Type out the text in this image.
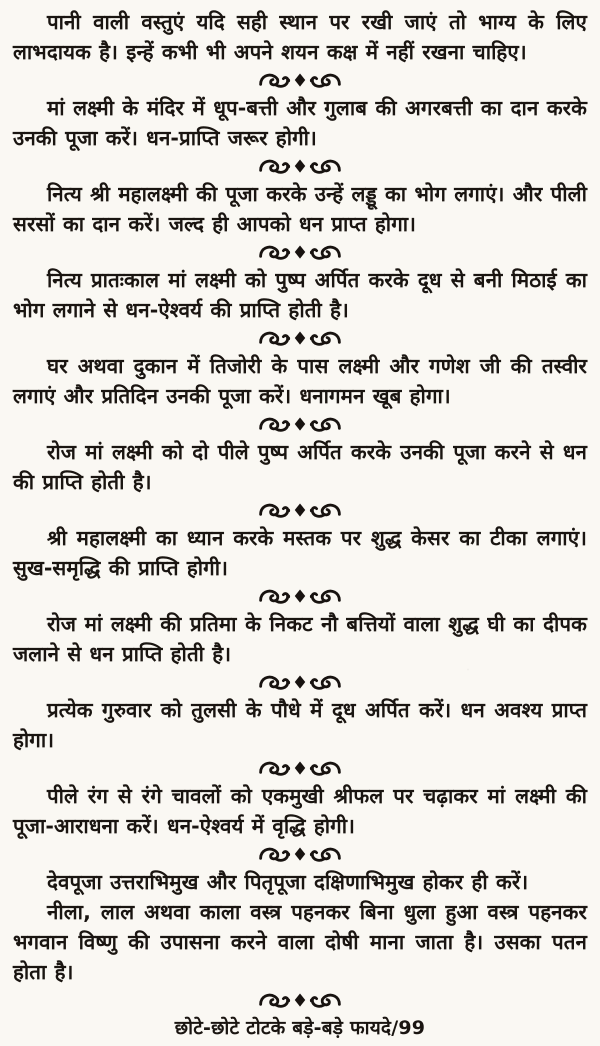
पानी वाली वस्तुएं यदि सही स्थान पर रखी जाएं तो भाग्य के लिए लाभदायक है। इन्हें कभी भी अपने शयन कक्ष में नहीं रखना चाहिए।

मां लक्ष्मी के मंदिर में धूप-बत्ती और गुलाब की अगरबत्ती का दान करके उनकी पूजा करें। धन-प्राप्ति जरूर होगी।

नित्य श्री महालक्ष्मी की पूजा करके उन्हें लड्डू का भोग लगाएं। और पीली सरसों का दान करें। जल्द ही आपको धन प्राप्त होगा।

नित्य प्रातःकाल मां लक्ष्मी को पुष्प अर्पित करके दूध से बनी मिठाई का भोग लगाने से धन-ऐश्वर्य की प्राप्ति होती है।

घर अथवा दुकान में तिजोरी के पास लक्ष्मी और गणेश जी की तस्वीर लगाएं और प्रतिदिन उनकी पूजा करें। धनागमन खूब होगा।

रोज मां लक्ष्मी को दो पीले पुष्प अर्पित करके उनकी पूजा करने से धन की प्राप्ति होती है।

श्री महालक्ष्मी का ध्यान करके मस्तक पर शुद्ध केसर का टीका लगाएं। सुख-समृद्धि की प्राप्ति होगी।

रोज मां लक्ष्मी की प्रतिमा के निकट नौ बत्तियों वाला शुद्ध घी का दीपक जलाने से धन प्राप्ति होती है।

प्रत्येक गुरुवार को तुलसी के पौधे में दूध अर्पित करें। धन अवश्य प्राप्त होगा।

पीले रंग से रंगे चावलों को एकमुखी श्रीफल पर चढ़ाकर मां लक्ष्मी की पूजा-आराधना करें। धन-ऐश्वर्य में वृद्धि होगी।

देवपूजा उत्तराभिमुख और पितृपूजा दक्षिणाभिमुख होकर ही करें।

नीला, लाल अथवा काला वस्त्र पहनकर बिना धुला हुआ वस्त्र पहनकर भगवान विष्णु की उपासना करने वाला दोषी माना जाता है। उसका पतन होता है।

छोटे-छोटे टोटके बड़े-बड़े फायदे/99
